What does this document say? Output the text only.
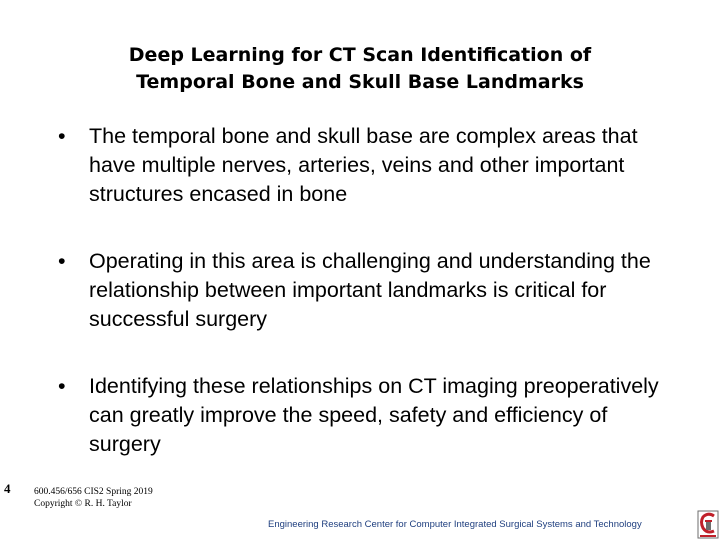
Deep Learning for CT Scan Identification of
Temporal Bone and Skull Base Landmarks
• The temporal bone and skull base are complex areas that have multiple nerves, arteries, veins and other important structures encased in bone
• Operating in this area is challenging and understanding the relationship between important landmarks is critical for successful surgery
• Identifying these relationships on CT imaging preoperatively can greatly improve the speed, safety and efficiency of surgery
4 600.456/656 CIS2 Spring 2019
Copyright © R. H. Taylor
Engineering Research Center for Computer Integrated Surgical Systems and Technology
